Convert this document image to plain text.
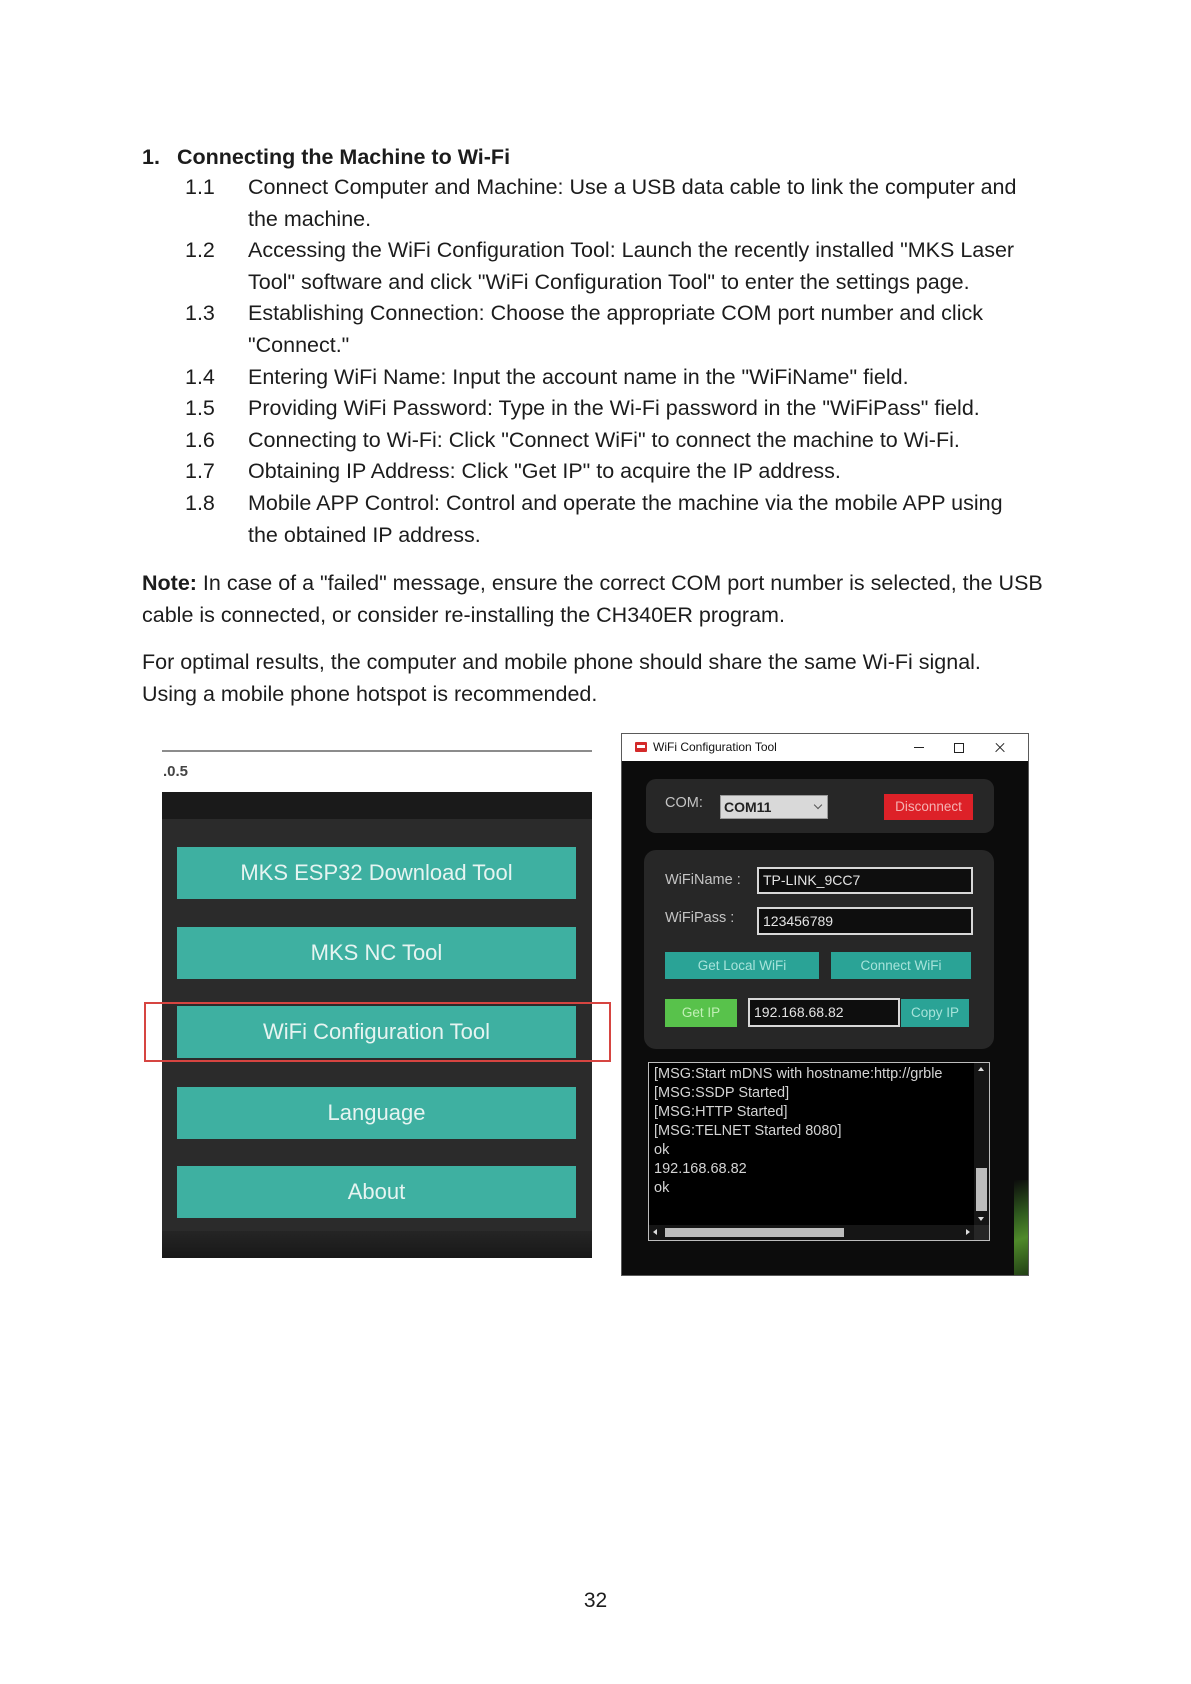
1. Connecting the Machine to Wi-Fi
1.1	Connect Computer and Machine: Use a USB data cable to link the computer and the machine.
1.2	Accessing the WiFi Configuration Tool: Launch the recently installed "MKS Laser Tool" software and click "WiFi Configuration Tool" to enter the settings page.
1.3	Establishing Connection: Choose the appropriate COM port number and click "Connect."
1.4	Entering WiFi Name: Input the account name in the "WiFiName" field.
1.5	Providing WiFi Password: Type in the Wi-Fi password in the "WiFiPass" field.
1.6	Connecting to Wi-Fi: Click "Connect WiFi" to connect the machine to Wi-Fi.
1.7	Obtaining IP Address: Click "Get IP" to acquire the IP address.
1.8	Mobile APP Control: Control and operate the machine via the mobile APP using the obtained IP address.

Note: In case of a "failed" message, ensure the correct COM port number is selected, the USB cable is connected, or consider re-installing the CH340ER program.

For optimal results, the computer and mobile phone should share the same Wi-Fi signal. Using a mobile phone hotspot is recommended.

.0.5
MKS ESP32 Download Tool
MKS NC Tool
WiFi Configuration Tool
Language
About
WiFi Configuration Tool
COM: COM11	Disconnect
WiFiName :	TP-LINK_9CC7
WiFiPass :	123456789
Get Local WiFi	Connect WiFi
Get IP	192.168.68.82	Copy IP
[MSG:Start mDNS with hostname:http://grble
[MSG:SSDP Started]
[MSG:HTTP Started]
[MSG:TELNET Started 8080]
ok
192.168.68.82
ok
32
